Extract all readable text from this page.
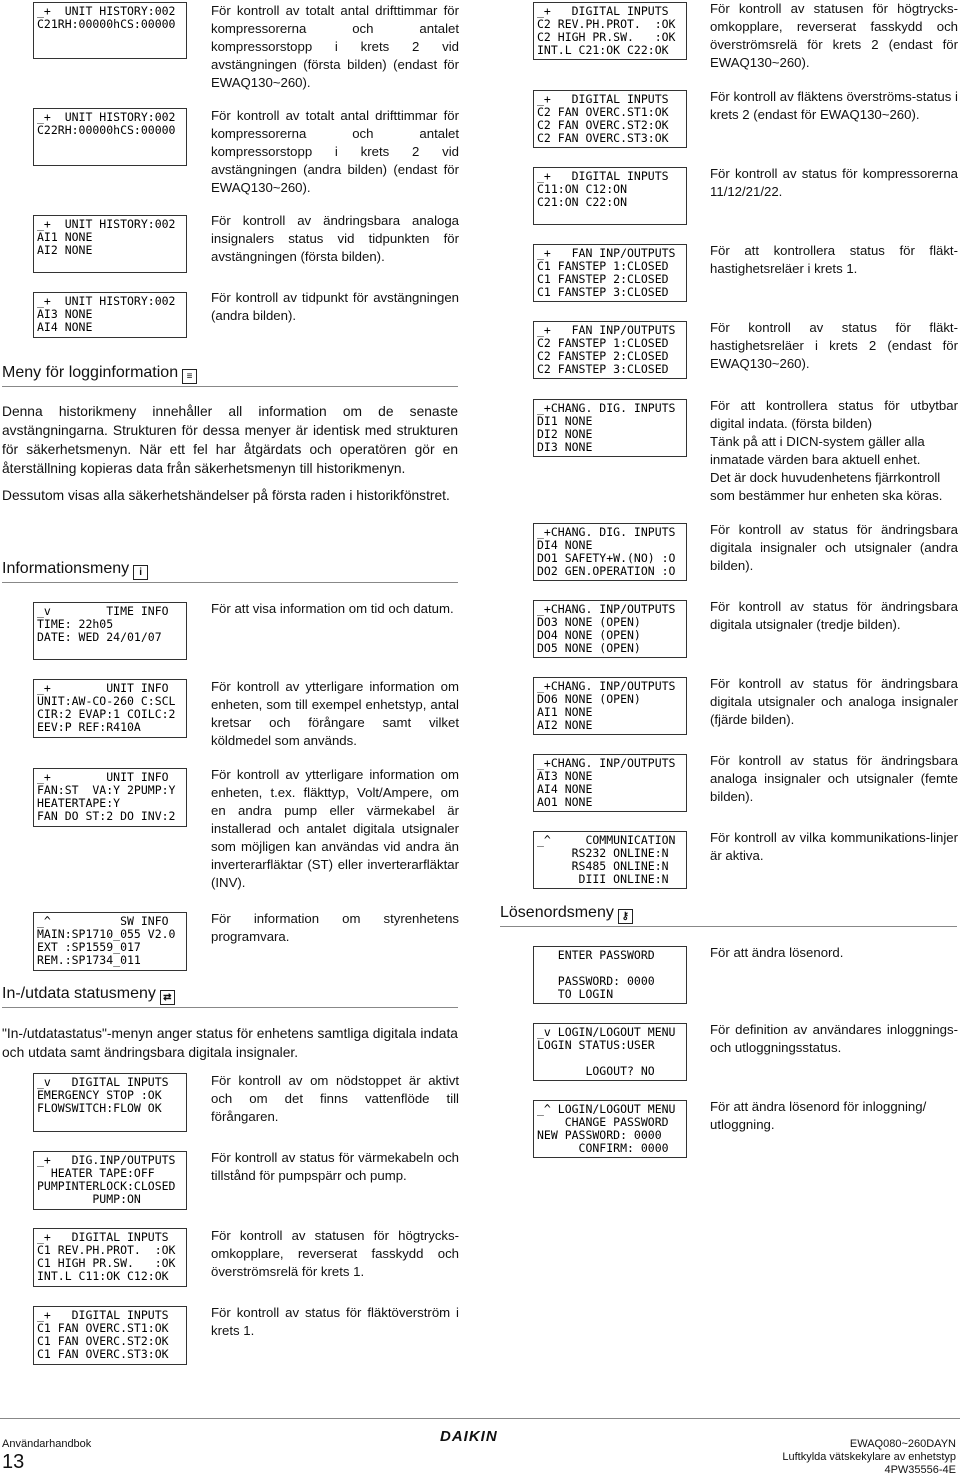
_+  UNIT HISTORY:002
C21RH:00000hCS:00000

För kontroll av totalt antal drifttimmar för kompressorerna och antalet kompressorstopp i krets 2 vid avstängningen (första bilden) (endast för EWAQ130~260).

_+  UNIT HISTORY:002
C22RH:00000hCS:00000

För kontroll av totalt antal drifttimmar för kompressorerna och antalet kompressorstopp i krets 2 vid avstängningen (andra bilden) (endast för EWAQ130~260).

_+  UNIT HISTORY:002
AI1 NONE
AI2 NONE

För kontroll av ändringsbara analoga insignalers status vid tidpunkten för avstängningen (första bilden).

_+  UNIT HISTORY:002
AI3 NONE
AI4 NONE

För kontroll av tidpunkt för avstängningen (andra bilden).

Meny för logginformation ≡

Denna historikmeny innehåller all information om de senaste avstängningarna. Strukturen för dessa menyer är identisk med strukturen för säkerhetsmenyn. När ett fel har åtgärdats och operatören gör en återställning kopieras data från säkerhetsmenyn till historikmenyn.

Dessutom visas alla säkerhetshändelser på första raden i historikfönstret.

Informationsmeny i
_v        TIME INFO
TIME: 22h05
DATE: WED 24/01/07

För att visa information om tid och datum.

_+        UNIT INFO
UNIT:AW-CO-260 C:SCL
CIR:2 EVAP:1 COILC:2
EEV:P REF:R410A

För kontroll av ytterligare information om enheten, som till exempel enhetstyp, antal kretsar och förångare samt vilket köldmedel som används.

_+        UNIT INFO
FAN:ST  VA:Y 2PUMP:Y
HEATERTAPE:Y
FAN DO ST:2 DO INV:2

För kontroll av ytterligare information om enheten, t.ex. fläkttyp, Volt/Ampere, om en andra pump eller värmekabel är installerad och antalet digitala utsignaler som möjligen kan användas vid andra än inverterarfläktar (ST) eller inverterarfläktar (INV).

_^          SW INFO
MAIN:SP1710_055 V2.0
EXT :SP1559_017
REM.:SP1734_011

För information om styrenhetens programvara.

In-/utdata statusmeny ⇄

"In-/utdatastatus"-menyn anger status för enhetens samtliga digitala indata och utdata samt ändringsbara digitala insignaler.

_v   DIGITAL INPUTS
EMERGENCY STOP :OK
FLOWSWITCH:FLOW OK

För kontroll av om nödstoppet är aktivt och om det finns vattenflöde till förångaren.

_+   DIG.INP/OUTPUTS
HEATER TAPE:OFF
PUMPINTERLOCK:CLOSED
PUMP:ON

För kontroll av status för värmekabeln och tillstånd för pumpspärr och pump.

_+   DIGITAL INPUTS
C1 REV.PH.PROT.  :OK
C1 HIGH PR.SW.   :OK
INT.L C11:OK C12:OK

För kontroll av statusen för högtrycks-omkopplare, reverserat fasskydd och överströmsrelä för krets 1.

_+   DIGITAL INPUTS
C1 FAN OVERC.ST1:OK
C1 FAN OVERC.ST2:OK
C1 FAN OVERC.ST3:OK

För kontroll av status för fläktöverström i krets 1.

_+   DIGITAL INPUTS
C2 REV.PH.PROT.  :OK
C2 HIGH PR.SW.   :OK
INT.L C21:OK C22:OK

För kontroll av statusen för högtrycks-omkopplare, reverserat fasskydd och överströmsrelä för krets 2 (endast för EWAQ130~260).

_+   DIGITAL INPUTS
C2 FAN OVERC.ST1:OK
C2 FAN OVERC.ST2:OK
C2 FAN OVERC.ST3:OK

För kontroll av fläktens överströms-status i krets 2 (endast för EWAQ130~260).

_+   DIGITAL INPUTS
C11:ON C12:ON
C21:ON C22:ON

För kontroll av status för kompressorerna 11/12/21/22.

_+   FAN INP/OUTPUTS
C1 FANSTEP 1:CLOSED
C1 FANSTEP 2:CLOSED
C1 FANSTEP 3:CLOSED

För att kontrollera status för fläkt-hastighetsreläer i krets 1.

_+   FAN INP/OUTPUTS
C2 FANSTEP 1:CLOSED
C2 FANSTEP 2:CLOSED
C2 FANSTEP 3:CLOSED

För kontroll av status för fläkt-hastighetsreläer i krets 2 (endast för EWAQ130~260).

_+CHANG. DIG. INPUTS
DI1 NONE
DI2 NONE
DI3 NONE

För att kontrollera status för utbytbar digital indata. (första bilden)

Tänk på att i DICN-system gäller alla inmatade värden bara aktuell enhet.

Det är dock huvudenhetens fjärrkontroll som bestämmer hur enheten ska köras.

_+CHANG. DIG. INPUTS
DI4 NONE
DO1 SAFETY+W.(NO) :O
DO2 GEN.OPERATION :O

För kontroll av status för ändringsbara digitala insignaler och utsignaler (andra bilden).

_+CHANG. INP/OUTPUTS
DO3 NONE (OPEN)
DO4 NONE (OPEN)
DO5 NONE (OPEN)

För kontroll av status för ändringsbara digitala utsignaler (tredje bilden).

_+CHANG. INP/OUTPUTS
DO6 NONE (OPEN)
AI1 NONE
AI2 NONE

För kontroll av status för ändringsbara digitala utsignaler och analoga insignaler (fjärde bilden).

_+CHANG. INP/OUTPUTS
AI3 NONE
AI4 NONE
AO1 NONE

För kontroll av status för ändringsbara analoga insignaler och utsignaler (femte bilden).

_^     COMMUNICATION
RS232 ONLINE:N
RS485 ONLINE:N
DIII ONLINE:N

För kontroll av vilka kommunikations-linjer är aktiva.

Lösenordsmeny ⚷
ENTER PASSWORD
PASSWORD: 0000
TO LOGIN

För att ändra lösenord.

_v LOGIN/LOGOUT MENU
LOGIN STATUS:USER
LOGOUT? NO

För definition av användares inloggnings- och utloggningsstatus.

_^ LOGIN/LOGOUT MENU
CHANGE PASSWORD
NEW PASSWORD: 0000
CONFIRM: 0000

För att ändra lösenord för inloggning/ utloggning.

Användarhandbok
13
DAIKIN	EWAQ080~260DAYN
Luftkylda vätskekylare av enhetstyp
4PW35556-4E
